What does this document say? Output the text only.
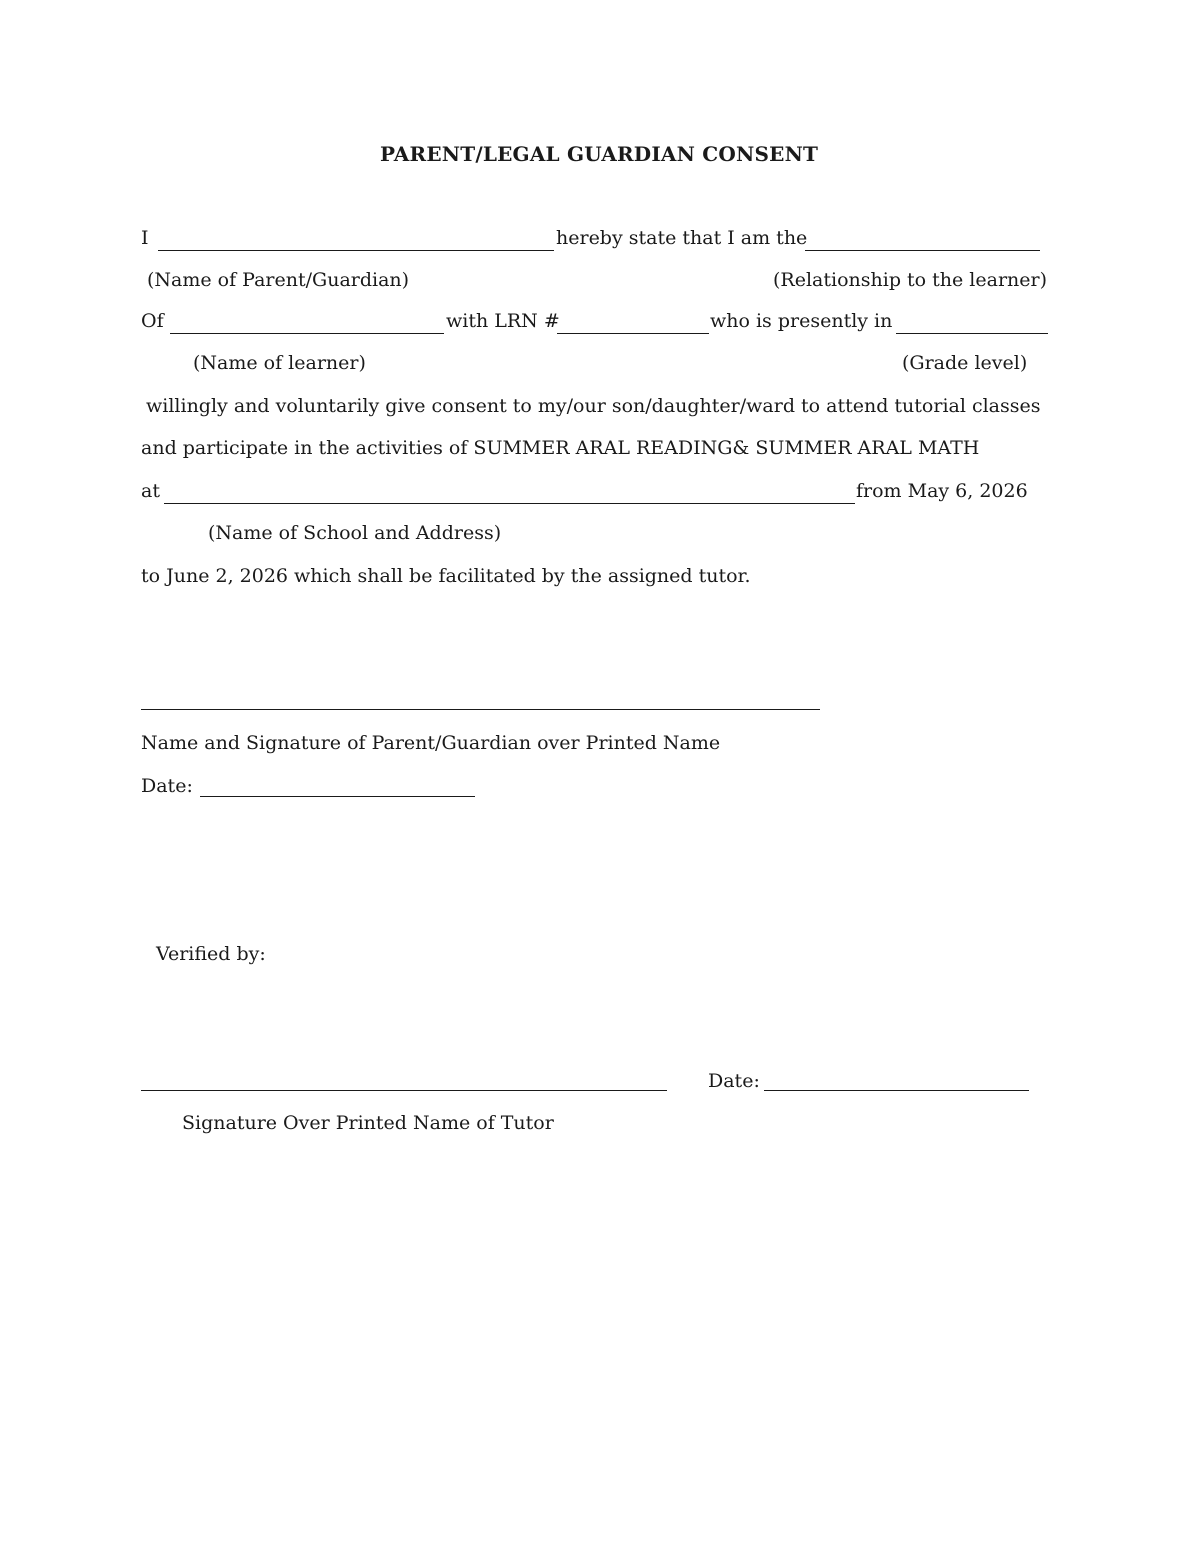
PARENT/LEGAL GUARDIAN CONSENT
I	hereby state that I am the
(Name of Parent/Guardian)	(Relationship to the learner)
Of	with LRN #	who is presently in
(Name of learner)	(Grade level)
willingly and voluntarily give consent to my/our son/daughter/ward to attend tutorial classes
and participate in the activities of SUMMER ARAL READING& SUMMER ARAL MATH
at	from May 6, 2026
(Name of School and Address)
to June 2, 2026 which shall be facilitated by the assigned tutor.
Name and Signature of Parent/Guardian over Printed Name
Date:
Verified by:
Date:
Signature Over Printed Name of Tutor
